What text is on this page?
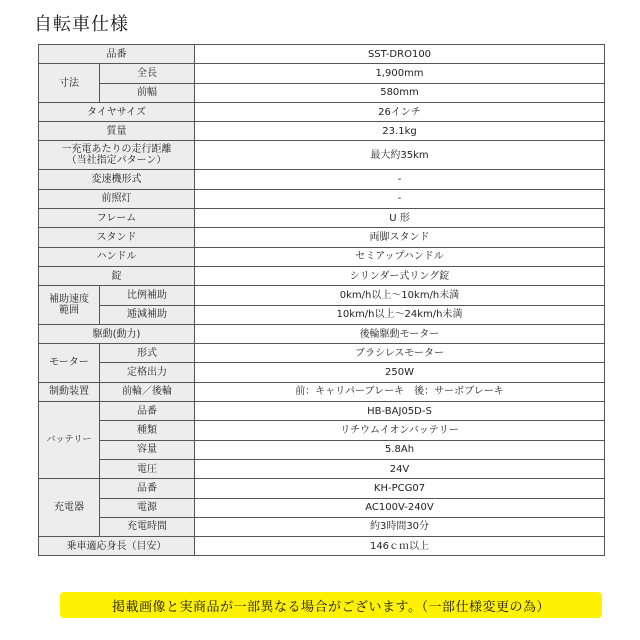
自転車仕様
品番		SST-DRO100
寸法	全長	1,900mm
	前幅	580mm
タイヤサイズ		26インチ
質量		23.1kg
一充電あたりの走行距離
（当社指定パターン）		最大約35km
変速機形式		-
前照灯		-
フレーム		U 形
スタンド		両脚スタンド
ハンドル		セミアップハンドル
錠		シリンダー式リング錠
補助速度
範囲	比例補助	0km/h以上〜10km/h未満
	逓減補助	10km/h以上〜24km/h未満
駆動(動力)		後輪駆動モーター
モーター	形式	ブラシレスモーター
	定格出力	250W
制動装置	前輪／後輪	前：キャリパーブレーキ　後：サーボブレーキ
バッテリー	品番	HB-BAJ05D-S
	種類	リチウムイオンバッテリー
	容量	5.8Ah
	電圧	24V
充電器	品番	KH-PCG07
	電源	AC100V-240V
	充電時間	約3時間30分
乗車適応身長（目安）		146ｃｍ以上
掲載画像と実商品が一部異なる場合がございます。（一部仕様変更の為）
